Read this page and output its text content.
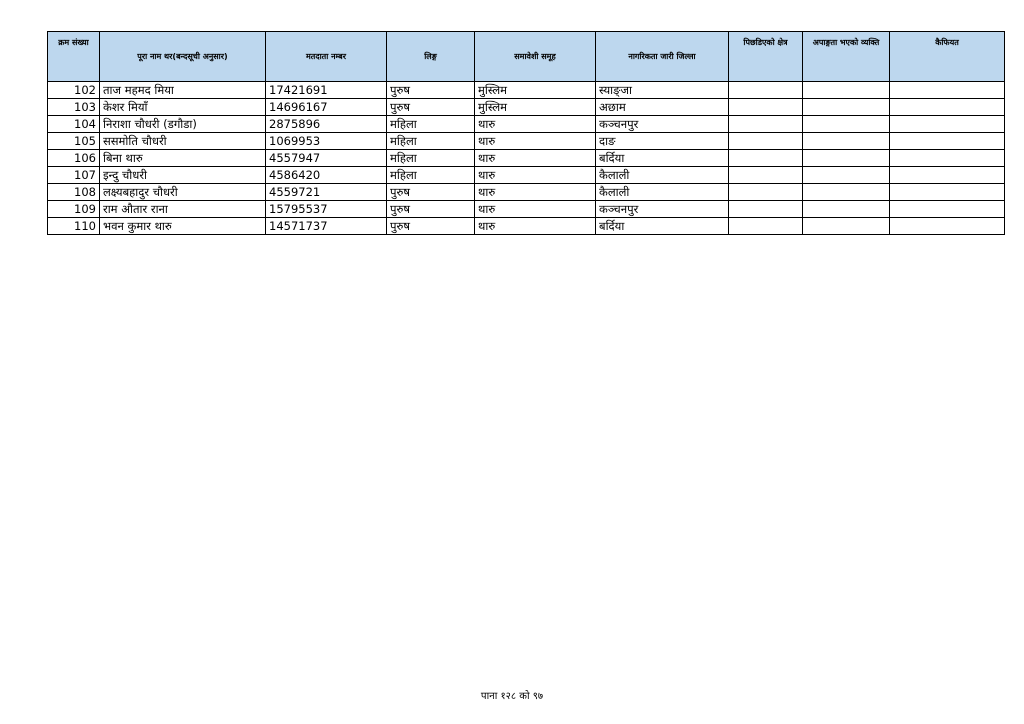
क्रम संख्या	पूरा नाम थर(बन्दसूची अनुसार)	मतदाता नम्बर	लिङ्ग	समावेशी समूह	नागरिकता जारी जिल्ला	पिछडिएको क्षेत्र	अपाङ्गता भएको व्यक्ति	कैफियत
102	ताज महमद मिया	17421691	पुरुष	मुस्लिम	स्याङ्जा			
103	केशर मियाँ	14696167	पुरुष	मुस्लिम	अछाम			
104	निराशा चौधरी (डगौडा)	2875896	महिला	थारु	कञ्चनपुर			
105	ससमोति चौधरी	1069953	महिला	थारु	दाङ			
106	बिना थारु	4557947	महिला	थारु	बर्दिया			
107	इन्दु चौधरी	4586420	महिला	थारु	कैलाली			
108	लक्ष्यबहादुर चौधरी	4559721	पुरुष	थारु	कैलाली			
109	राम औतार राना	15795537	पुरुष	थारु	कञ्चनपुर			
110	भवन कुमार थारु	14571737	पुरुष	थारु	बर्दिया			
पाना १२८ को ९७
